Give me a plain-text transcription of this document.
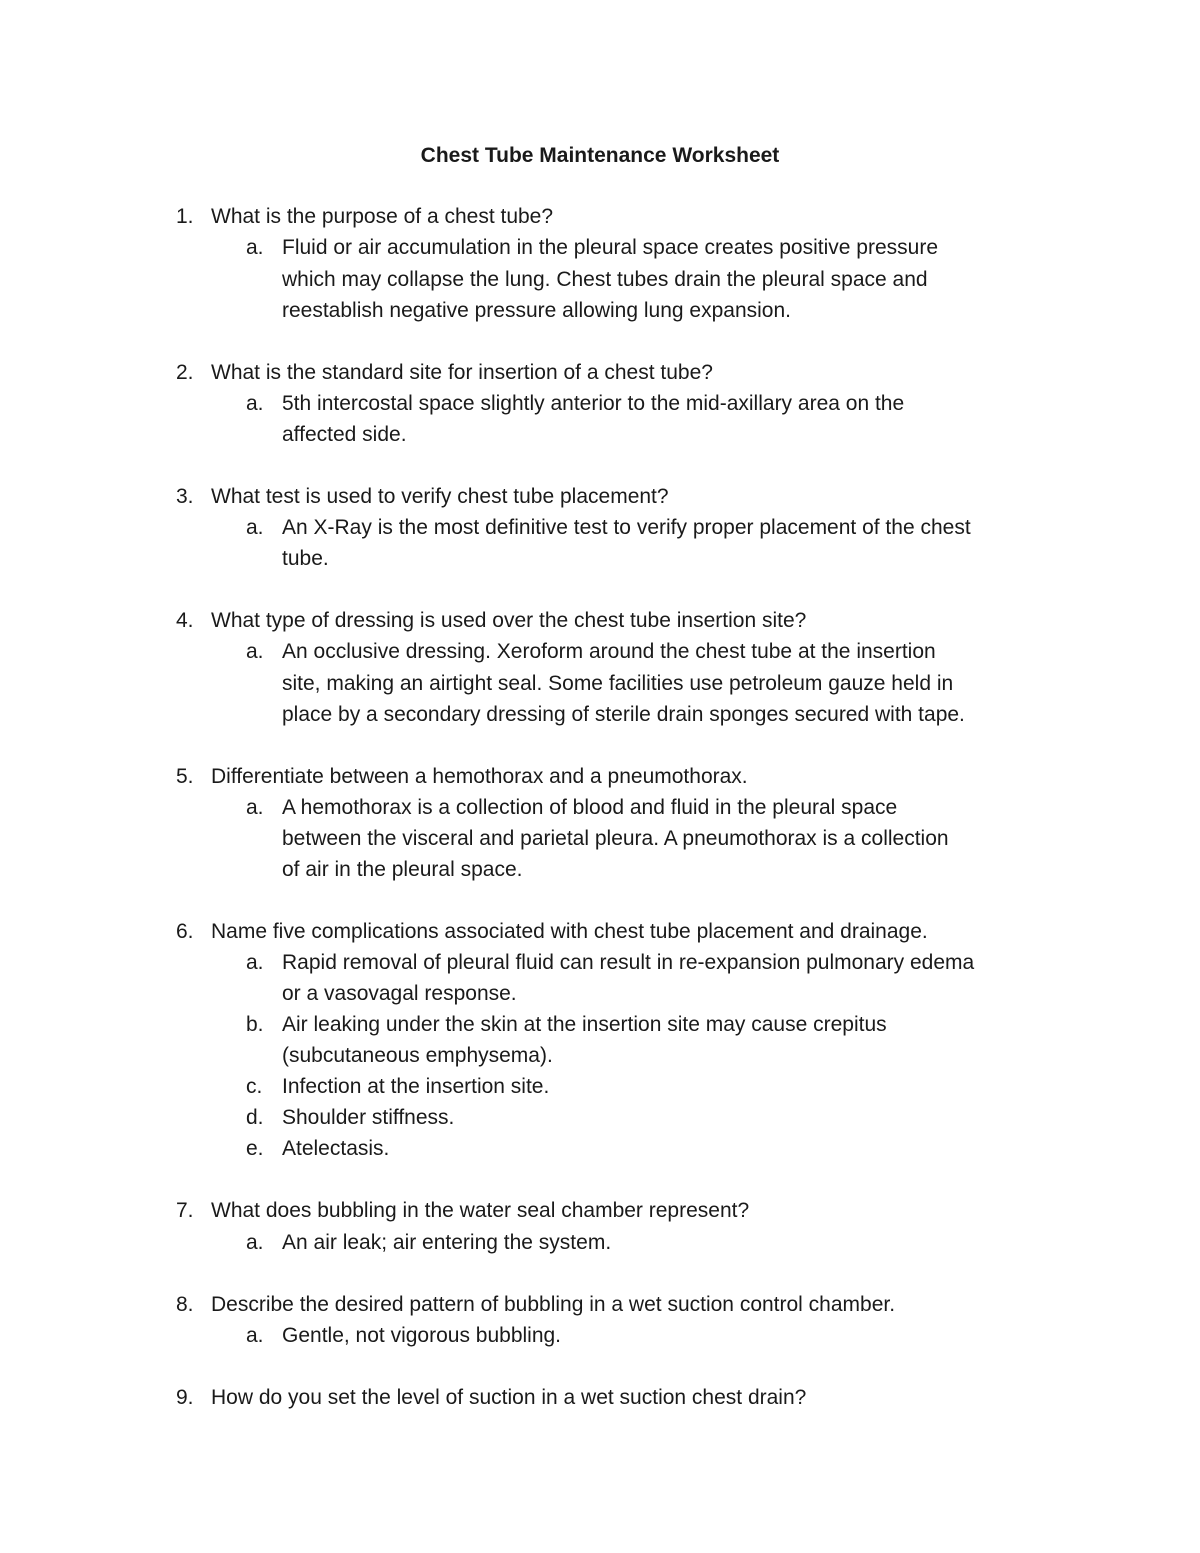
Chest Tube Maintenance Worksheet
1. What is the purpose of a chest tube?
a. Fluid or air accumulation in the pleural space creates positive pressure
which may collapse the lung. Chest tubes drain the pleural space and
reestablish negative pressure allowing lung expansion.
2. What is the standard site for insertion of a chest tube?
a. 5th intercostal space slightly anterior to the mid-axillary area on the
affected side.
3. What test is used to verify chest tube placement?
a. An X-Ray is the most definitive test to verify proper placement of the chest
tube.
4. What type of dressing is used over the chest tube insertion site?
a. An occlusive dressing. Xeroform around the chest tube at the insertion
site, making an airtight seal. Some facilities use petroleum gauze held in
place by a secondary dressing of sterile drain sponges secured with tape.
5. Differentiate between a hemothorax and a pneumothorax.
a. A hemothorax is a collection of blood and fluid in the pleural space
between the visceral and parietal pleura. A pneumothorax is a collection
of air in the pleural space.
6. Name five complications associated with chest tube placement and drainage.
a. Rapid removal of pleural fluid can result in re-expansion pulmonary edema
or a vasovagal response.
b. Air leaking under the skin at the insertion site may cause crepitus
(subcutaneous emphysema).
c. Infection at the insertion site.
d. Shoulder stiffness.
e. Atelectasis.
7. What does bubbling in the water seal chamber represent?
a. An air leak; air entering the system.
8. Describe the desired pattern of bubbling in a wet suction control chamber.
a. Gentle, not vigorous bubbling.
9. How do you set the level of suction in a wet suction chest drain?
